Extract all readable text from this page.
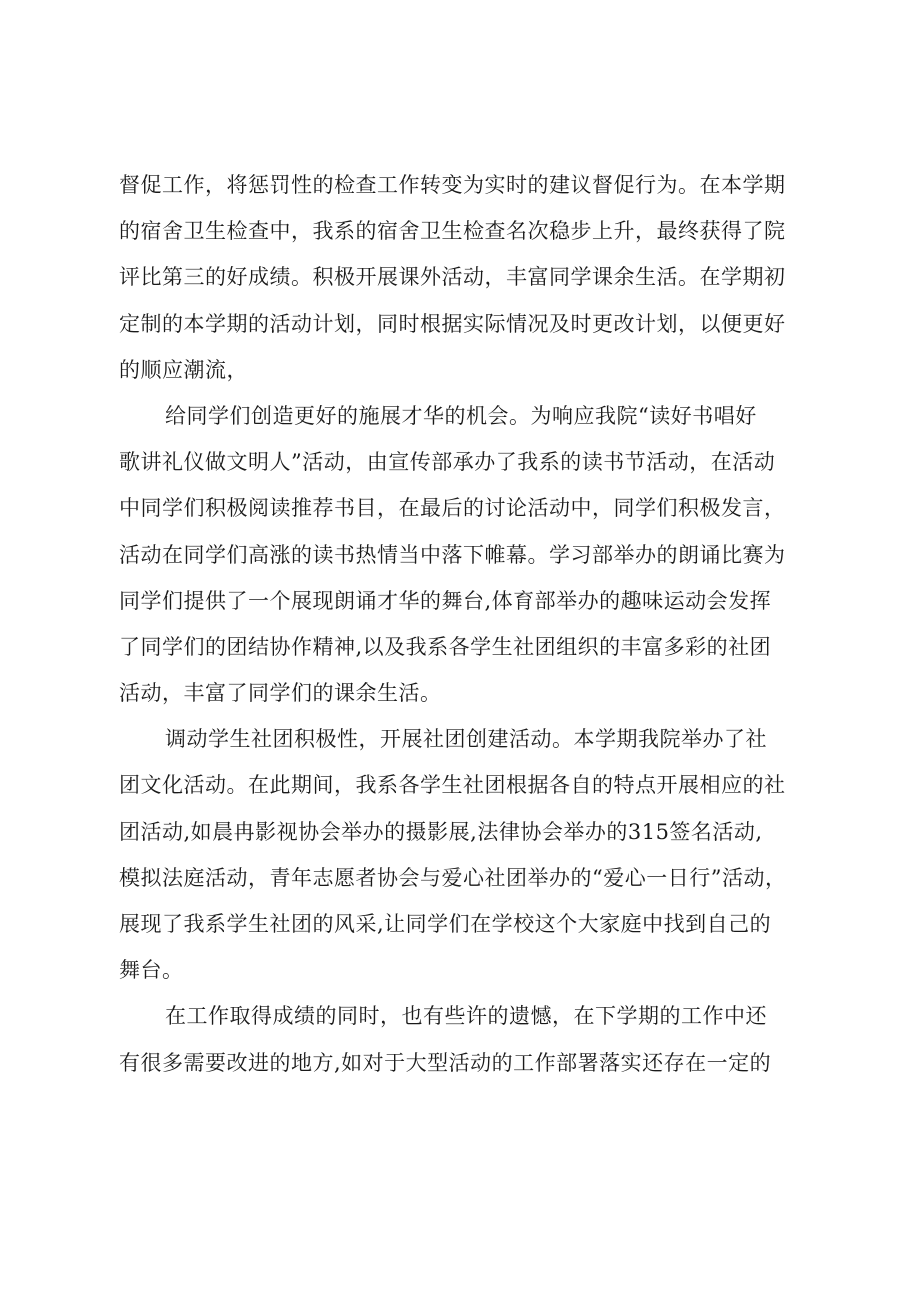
督促工作，将惩罚性的检查工作转变为实时的建议督促行为。在本学期
的宿舍卫生检查中，我系的宿舍卫生检查名次稳步上升，最终获得了院
评比第三的好成绩。积极开展课外活动，丰富同学课余生活。在学期初
定制的本学期的活动计划，同时根据实际情况及时更改计划，以便更好
的顺应潮流，
给同学们创造更好的施展才华的机会。为响应我院“读好书唱好
歌讲礼仪做文明人”活动，由宣传部承办了我系的读书节活动，在活动
中同学们积极阅读推荐书目，在最后的讨论活动中，同学们积极发言，
活动在同学们高涨的读书热情当中落下帷幕。学习部举办的朗诵比赛为
同学们提供了一个展现朗诵才华的舞台,体育部举办的趣味运动会发挥
了同学们的团结协作精神,以及我系各学生社团组织的丰富多彩的社团
活动，丰富了同学们的课余生活。
调动学生社团积极性，开展社团创建活动。本学期我院举办了社
团文化活动。在此期间，我系各学生社团根据各自的特点开展相应的社
团活动,如晨冉影视协会举办的摄影展,法律协会举办的315签名活动,
模拟法庭活动，青年志愿者协会与爱心社团举办的“爱心一日行”活动，
展现了我系学生社团的风采,让同学们在学校这个大家庭中找到自己的
舞台。
在工作取得成绩的同时，也有些许的遗憾，在下学期的工作中还
有很多需要改进的地方,如对于大型活动的工作部署落实还存在一定的
